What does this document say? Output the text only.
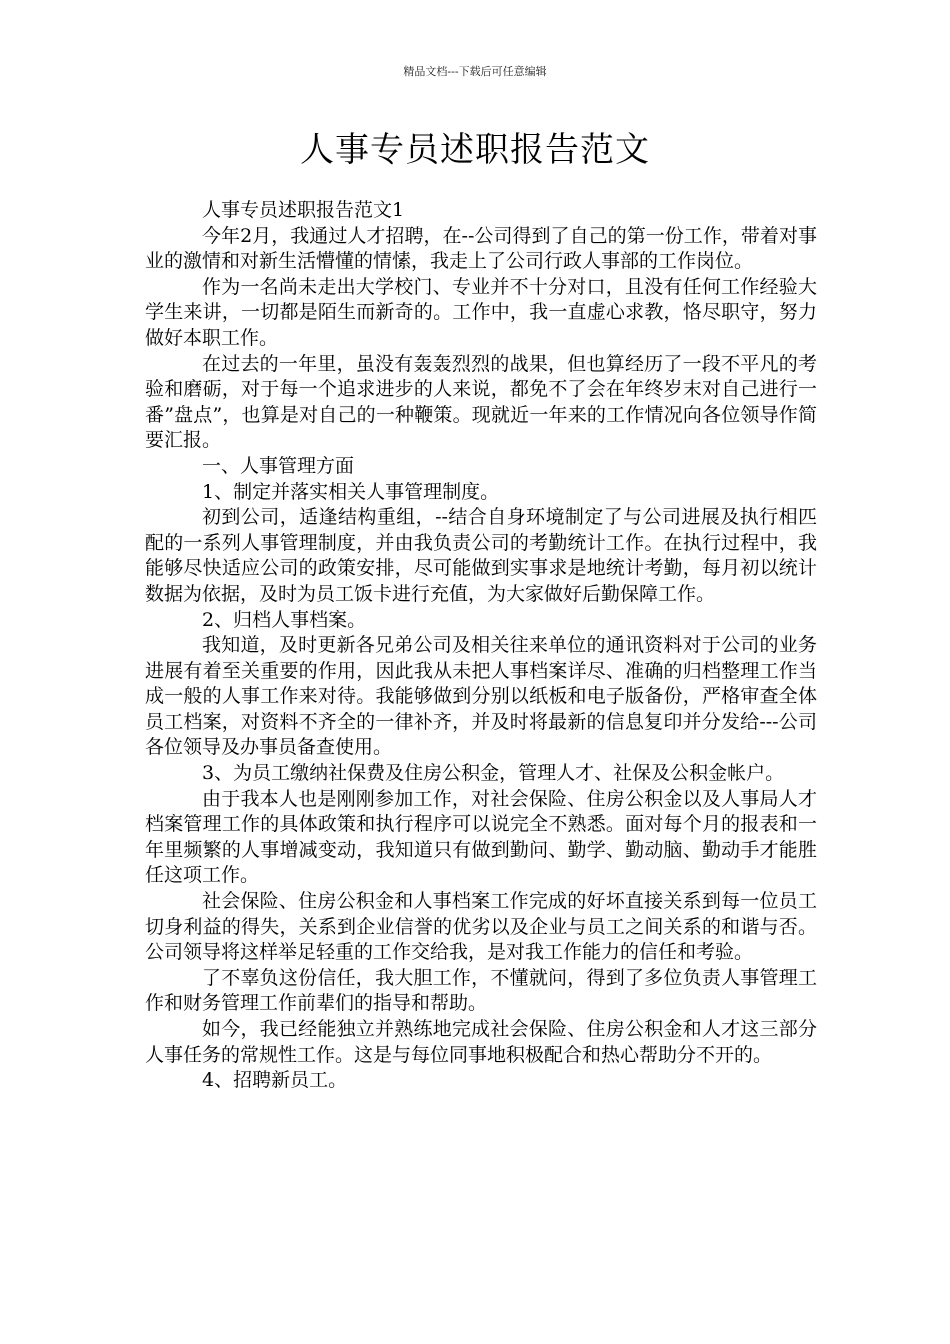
精品文档---下载后可任意编辑
人事专员述职报告范文

人事专员述职报告范文1

今年2月，我通过人才招聘，在--公司得到了自己的第一份工作，带着对事业的激情和对新生活懵懂的情愫，我走上了公司行政人事部的工作岗位。

作为一名尚未走出大学校门、专业并不十分对口，且没有任何工作经验大学生来讲，一切都是陌生而新奇的。工作中，我一直虚心求教，恪尽职守，努力做好本职工作。

在过去的一年里，虽没有轰轰烈烈的战果，但也算经历了一段不平凡的考验和磨砺，对于每一个追求进步的人来说，都免不了会在年终岁末对自己进行一番”盘点”，也算是对自己的一种鞭策。现就近一年来的工作情况向各位领导作简要汇报。

一、人事管理方面

1、制定并落实相关人事管理制度。

初到公司，适逢结构重组，--结合自身环境制定了与公司进展及执行相匹配的一系列人事管理制度，并由我负责公司的考勤统计工作。在执行过程中，我能够尽快适应公司的政策安排，尽可能做到实事求是地统计考勤，每月初以统计数据为依据，及时为员工饭卡进行充值，为大家做好后勤保障工作。

2、归档人事档案。

我知道，及时更新各兄弟公司及相关往来单位的通讯资料对于公司的业务进展有着至关重要的作用，因此我从未把人事档案详尽、准确的归档整理工作当成一般的人事工作来对待。我能够做到分别以纸板和电子版备份，严格审查全体员工档案，对资料不齐全的一律补齐，并及时将最新的信息复印并分发给---公司各位领导及办事员备查使用。

3、为员工缴纳社保费及住房公积金，管理人才、社保及公积金帐户。

由于我本人也是刚刚参加工作，对社会保险、住房公积金以及人事局人才档案管理工作的具体政策和执行程序可以说完全不熟悉。面对每个月的报表和一年里频繁的人事增减变动，我知道只有做到勤问、勤学、勤动脑、勤动手才能胜任这项工作。

社会保险、住房公积金和人事档案工作完成的好坏直接关系到每一位员工切身利益的得失，关系到企业信誉的优劣以及企业与员工之间关系的和谐与否。公司领导将这样举足轻重的工作交给我，是对我工作能力的信任和考验。

了不辜负这份信任，我大胆工作，不懂就问，得到了多位负责人事管理工作和财务管理工作前辈们的指导和帮助。

如今，我已经能独立并熟练地完成社会保险、住房公积金和人才这三部分人事任务的常规性工作。这是与每位同事地积极配合和热心帮助分不开的。

4、招聘新员工。
